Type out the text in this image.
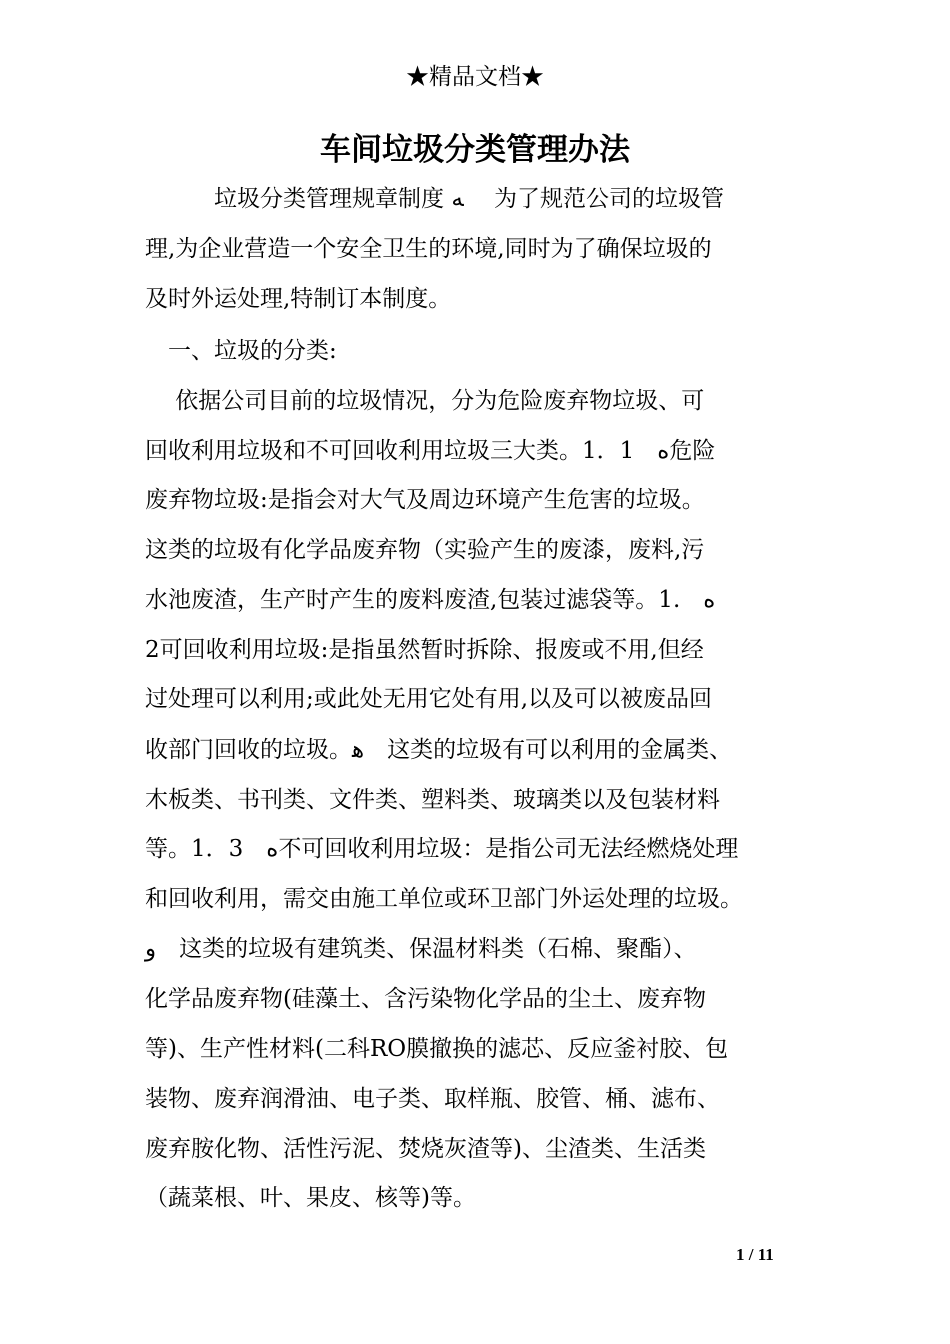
★精品文档★
车间垃圾分类管理办法
　　　垃圾分类管理规章制度 ﻪ　 为了规范公司的垃圾管
理,为企业营造一个安全卫生的环境,同时为了确保垃圾的
及时外运处理,特制订本制度。
　一、垃圾的分类:
　 依据公司目前的垃圾情况，分为危险废弃物垃圾、可
回收利用垃圾和不可回收利用垃圾三大类。1．1　ﻩ危险
废弃物垃圾:是指会对大气及周边环境产生危害的垃圾。
这类的垃圾有化学品废弃物（实验产生的废漆，废料,污
水池废渣，生产时产生的废料废渣,包装过滤袋等。1.　ﻩ
2可回收利用垃圾:是指虽然暂时拆除、报废或不用,但经
过处理可以利用;或此处无用它处有用,以及可以被废品回
收部门回收的垃圾。ﻫ　这类的垃圾有可以利用的金属类、
木板类、书刊类、文件类、塑料类、玻璃类以及包装材料
等。1．3　ﻩ不可回收利用垃圾：是指公司无法经燃烧处理
和回收利用，需交由施工单位或环卫部门外运处理的垃圾。
ﻭ　这类的垃圾有建筑类、保温材料类（石棉、聚酯）、
化学品废弃物(硅藻土、含污染物化学品的尘土、废弃物
等)、生产性材料(二科RO膜撤换的滤芯、反应釜衬胶、包
装物、废弃润滑油、电子类、取样瓶、胶管、桶、滤布、
废弃胺化物、活性污泥、焚烧灰渣等)、尘渣类、生活类
（蔬菜根、叶、果皮、核等)等。
1 / 11
